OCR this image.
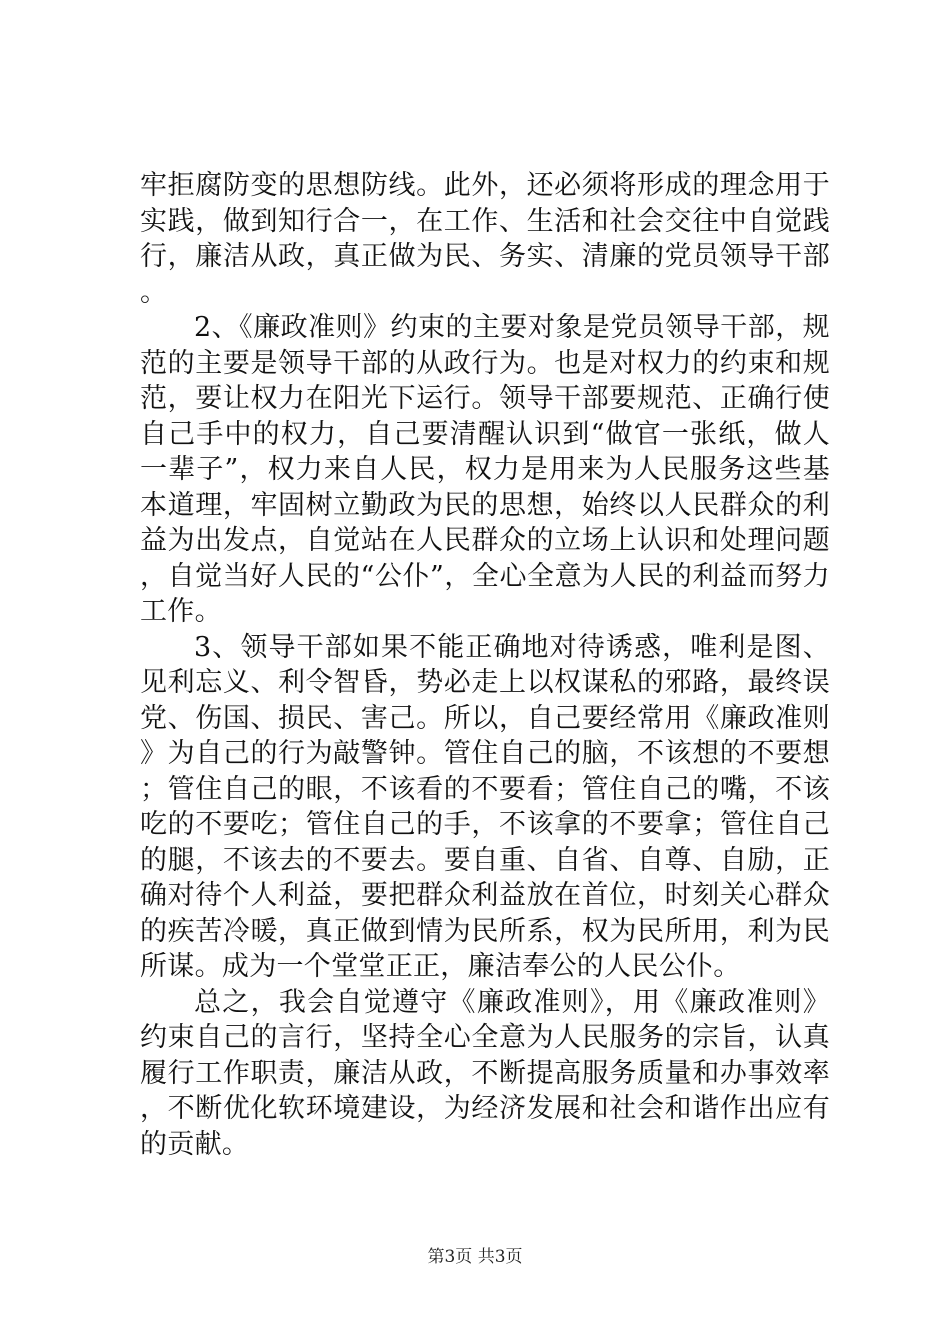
牢拒腐防变的思想防线。此外，还必须将形成的理念用于实践，做到知行合一，在工作、生活和社会交往中自觉践行，廉洁从政，真正做为民、务实、清廉的党员领导干部。

2、《廉政准则》约束的主要对象是党员领导干部，规范的主要是领导干部的从政行为。也是对权力的约束和规范，要让权力在阳光下运行。领导干部要规范、正确行使自己手中的权力，自己要清醒认识到“做官一张纸，做人一辈子”，权力来自人民，权力是用来为人民服务这些基本道理，牢固树立勤政为民的思想，始终以人民群众的利益为出发点，自觉站在人民群众的立场上认识和处理问题，自觉当好人民的“公仆”，全心全意为人民的利益而努力工作。

3、领导干部如果不能正确地对待诱惑，唯利是图、见利忘义、利令智昏，势必走上以权谋私的邪路，最终误党、伤国、损民、害己。所以，自己要经常用《廉政准则》为自己的行为敲警钟。管住自己的脑，不该想的不要想；管住自己的眼，不该看的不要看；管住自己的嘴，不该吃的不要吃；管住自己的手，不该拿的不要拿；管住自己的腿，不该去的不要去。要自重、自省、自尊、自励，正确对待个人利益，要把群众利益放在首位，时刻关心群众的疾苦冷暖，真正做到情为民所系，权为民所用，利为民所谋。成为一个堂堂正正，廉洁奉公的人民公仆。

总之，我会自觉遵守《廉政准则》，用《廉政准则》约束自己的言行，坚持全心全意为人民服务的宗旨，认真履行工作职责，廉洁从政，不断提高服务质量和办事效率，不断优化软环境建设，为经济发展和社会和谐作出应有的贡献。

第3页 共3页
